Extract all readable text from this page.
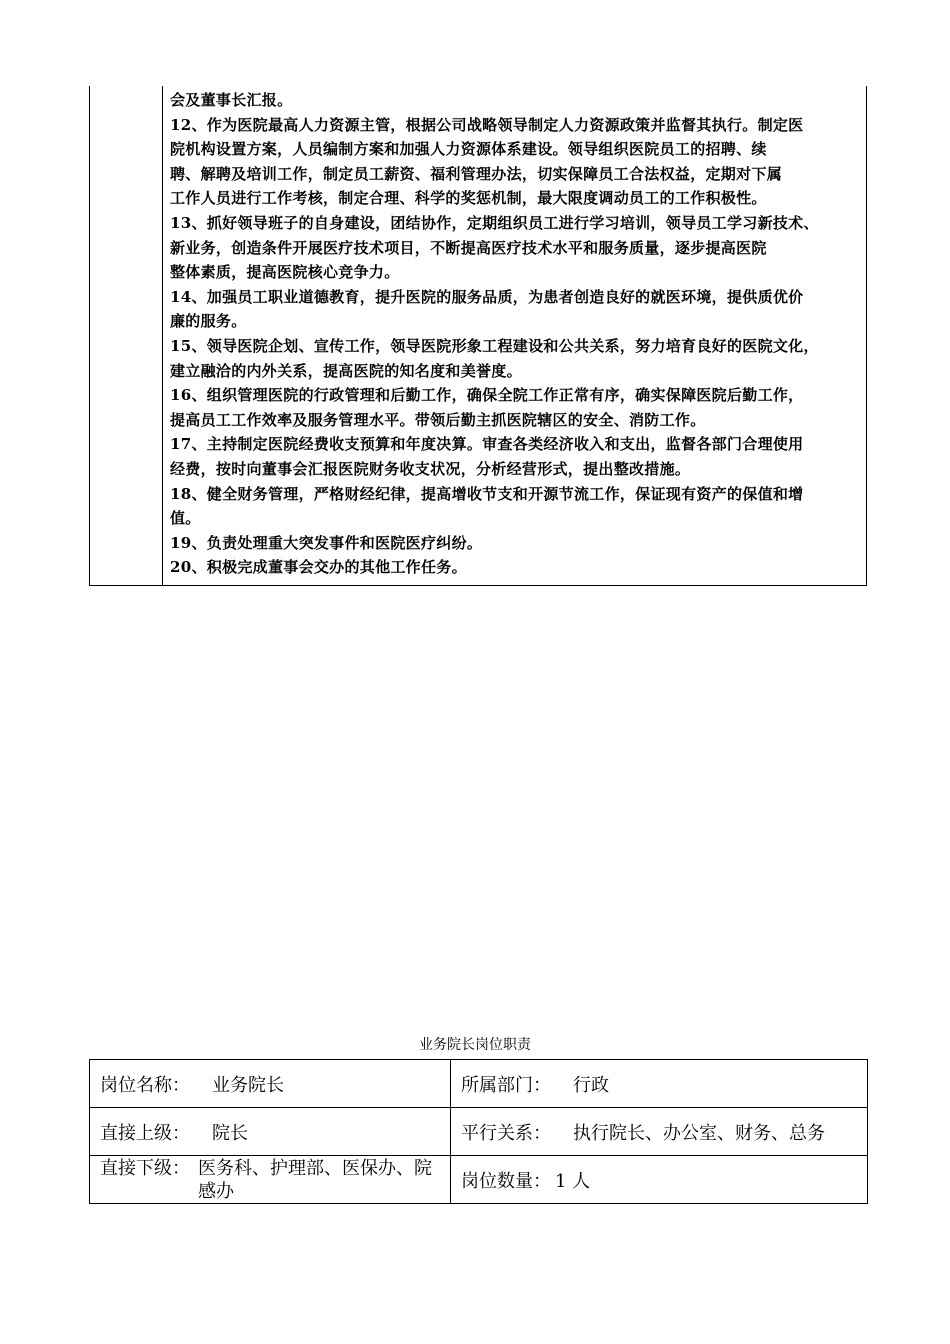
会及董事长汇报。
12、作为医院最高人力资源主管，根据公司战略领导制定人力资源政策并监督其执行。制定医
院机构设置方案，人员编制方案和加强人力资源体系建设。领导组织医院员工的招聘、续
聘、解聘及培训工作，制定员工薪资、福利管理办法，切实保障员工合法权益，定期对下属
工作人员进行工作考核，制定合理、科学的奖惩机制，最大限度调动员工的工作积极性。
13、抓好领导班子的自身建设，团结协作，定期组织员工进行学习培训，领导员工学习新技术、
新业务，创造条件开展医疗技术项目，不断提高医疗技术水平和服务质量，逐步提高医院
整体素质，提高医院核心竞争力。
14、加强员工职业道德教育，提升医院的服务品质，为患者创造良好的就医环境，提供质优价
廉的服务。
15、领导医院企划、宣传工作，领导医院形象工程建设和公共关系，努力培育良好的医院文化，
建立融洽的内外关系，提高医院的知名度和美誉度。
16、组织管理医院的行政管理和后勤工作，确保全院工作正常有序，确实保障医院后勤工作，
提高员工工作效率及服务管理水平。带领后勤主抓医院辖区的安全、消防工作。
17、主持制定医院经费收支预算和年度决算。审查各类经济收入和支出，监督各部门合理使用
经费，按时向董事会汇报医院财务收支状况，分析经营形式，提出整改措施。
18、健全财务管理，严格财经纪律，提高增收节支和开源节流工作，保证现有资产的保值和增
值。
19、负责处理重大突发事件和医院医疗纠纷。
20、积极完成董事会交办的其他工作任务。
业务院长岗位职责
岗位名称： 业务院长	所属部门： 行政
直接上级： 院长	平行关系： 执行院长、办公室、财务、总务

直接下级： 医务科、护理部、医保办、院感办	岗位数量： 1 人
